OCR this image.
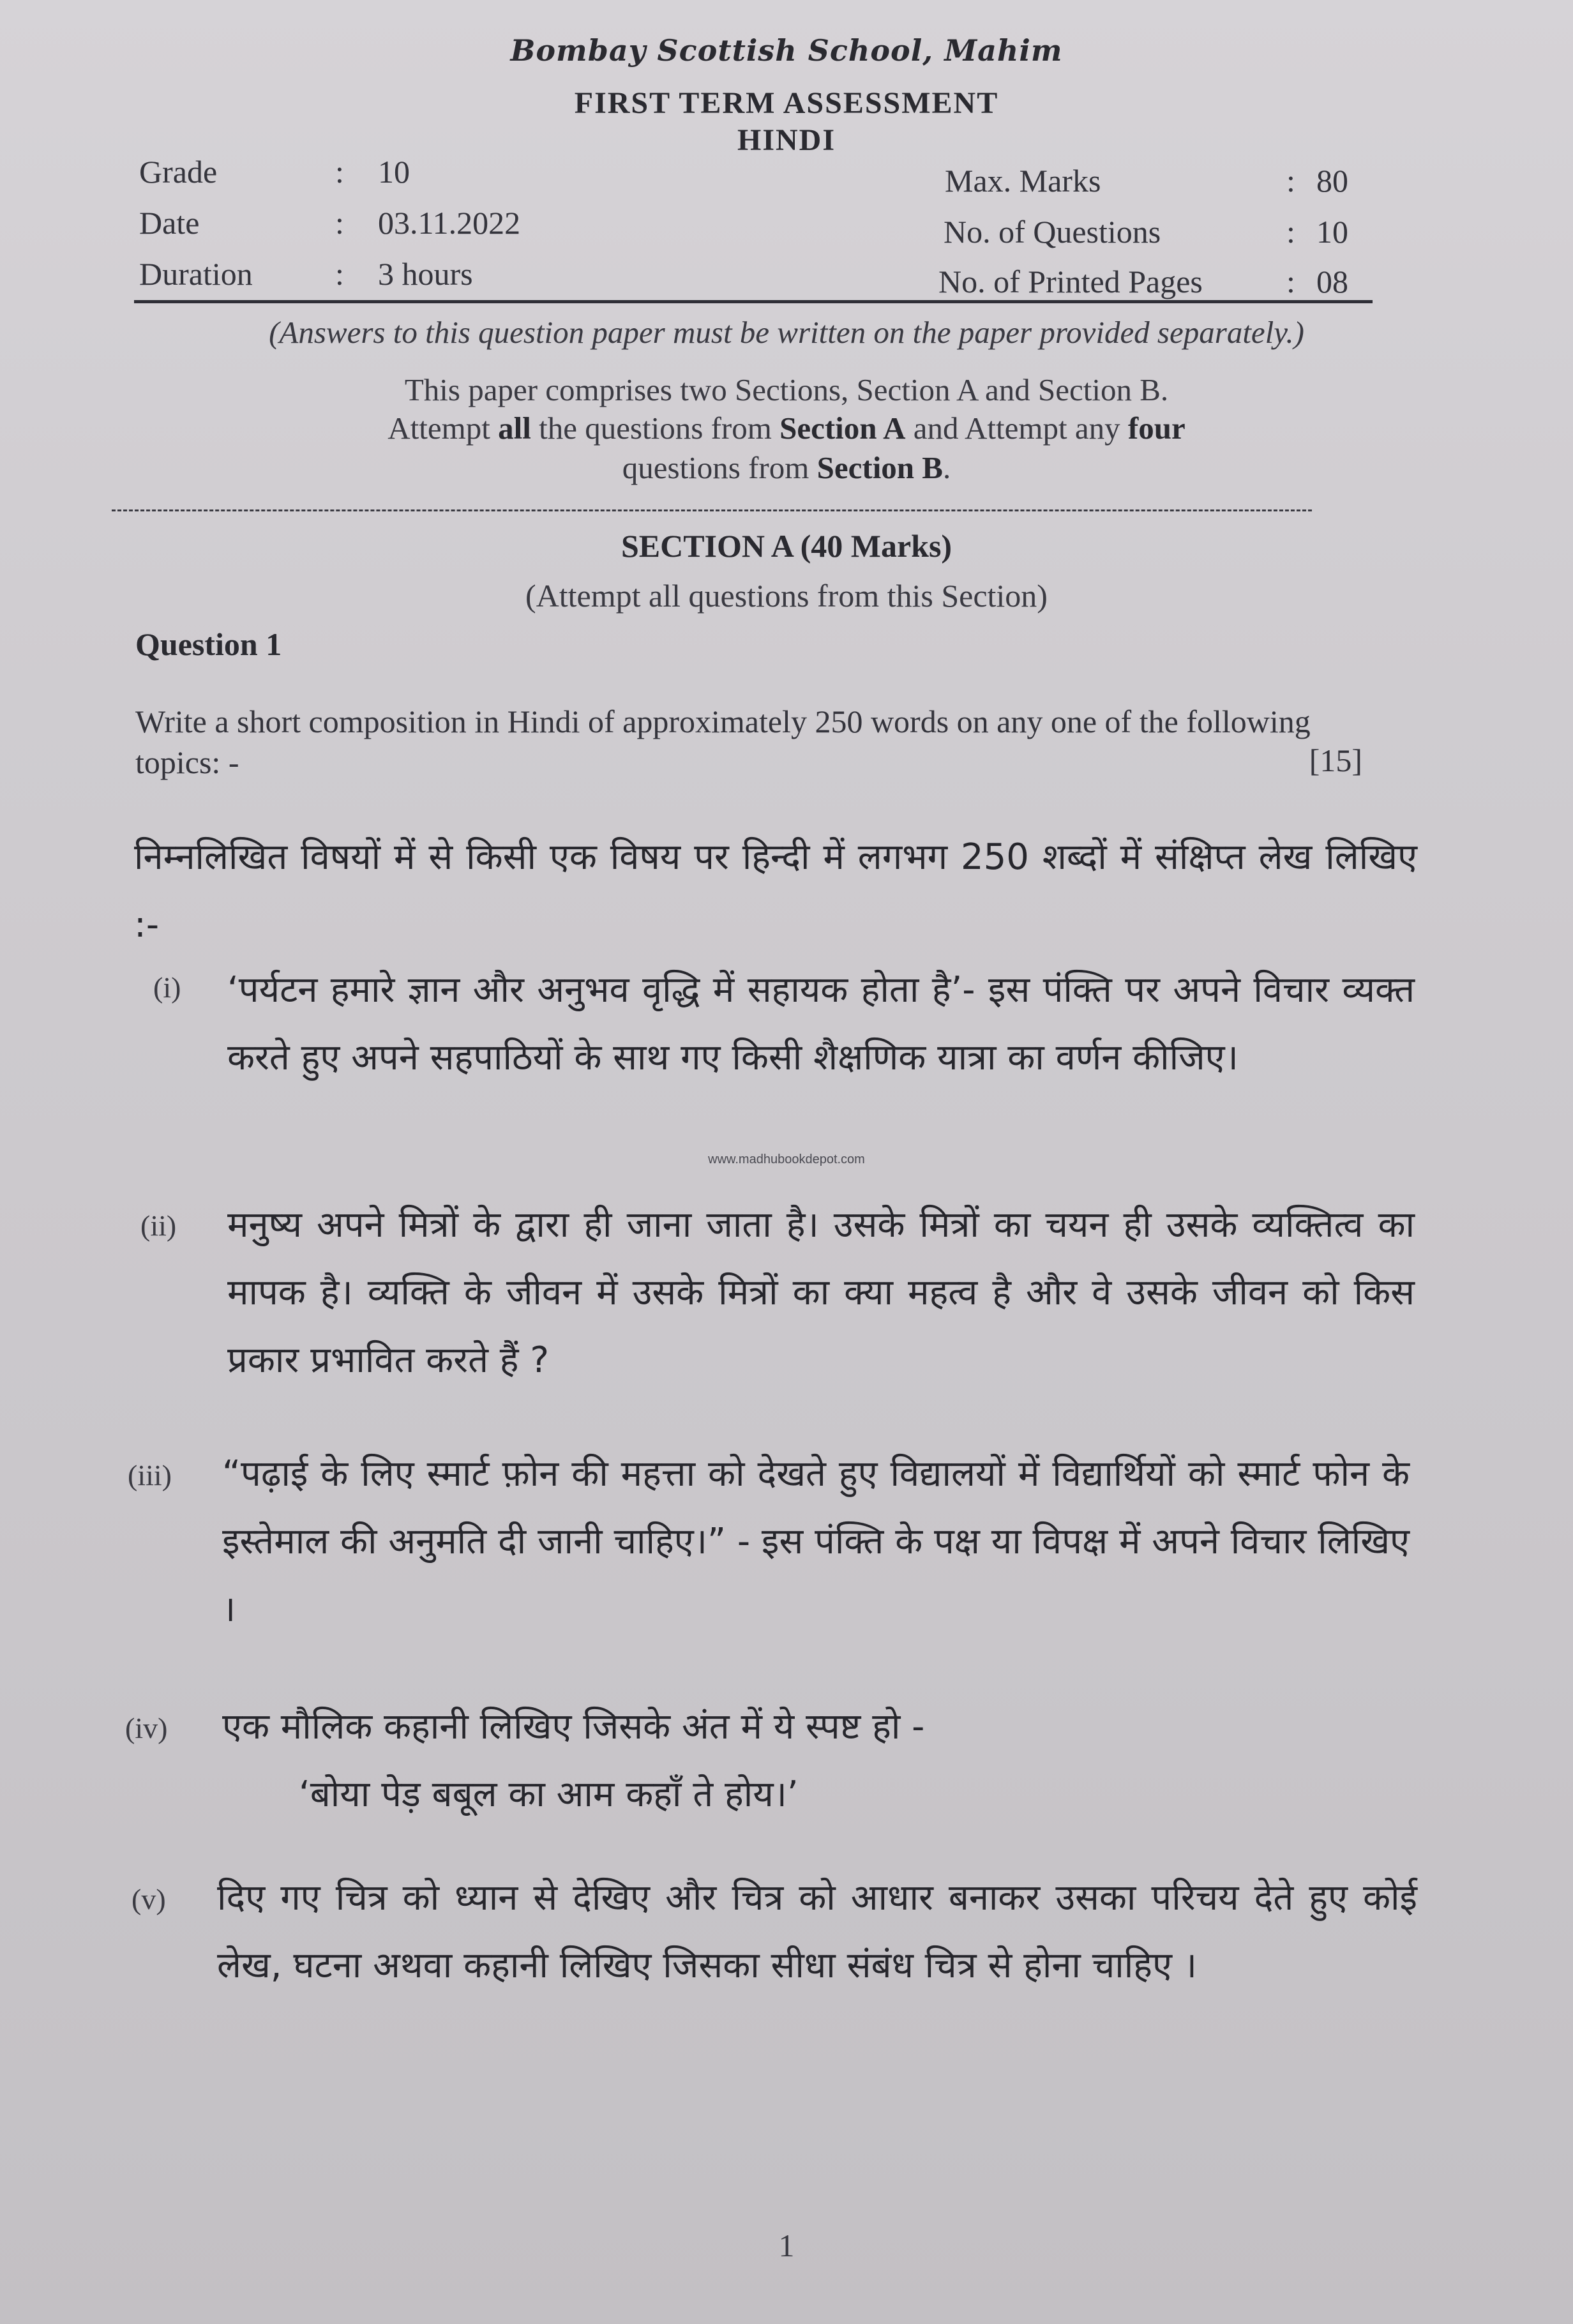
Bombay Scottish School, Mahim
FIRST TERM ASSESSMENT
HINDI
Grade	: 10
Date	: 03.11.2022
Duration	: 3 hours
Max. Marks	: 80
No. of Questions	: 10
No. of Printed Pages	: 08
(Answers to this question paper must be written on the paper provided separately.)
This paper comprises two Sections, Section A and Section B.
Attempt all the questions from Section A and Attempt any four
questions from Section B.
SECTION A (40 Marks)
(Attempt all questions from this Section)
Question 1
Write a short composition in Hindi of approximately 250 words on any one of the following topics: -	[15]
निम्नलिखित विषयों में से किसी एक विषय पर हिन्दी में लगभग 250 शब्दों में संक्षिप्त लेख लिखिए :-
(i) ‘पर्यटन हमारे ज्ञान और अनुभव वृद्धि में सहायक होता है’- इस पंक्ति पर अपने विचार व्यक्त करते हुए अपने सहपाठियों के साथ गए किसी शैक्षणिक यात्रा का वर्णन कीजिए।
www.madhubookdepot.com
(ii) मनुष्य अपने मित्रों के द्वारा ही जाना जाता है। उसके मित्रों का चयन ही उसके व्यक्तित्व का मापक है। व्यक्ति के जीवन में उसके मित्रों का क्या महत्व है और वे उसके जीवन को किस प्रकार प्रभावित करते हैं ?
(iii) “पढ़ाई के लिए स्मार्ट फ़ोन की महत्ता को देखते हुए विद्यालयों में विद्यार्थियों को स्मार्ट फोन के इस्तेमाल की अनुमति दी जानी चाहिए।” - इस पंक्ति के पक्ष या विपक्ष में अपने विचार लिखिए ।
(iv) एक मौलिक कहानी लिखिए जिसके अंत में ये स्पष्ट हो -
‘बोया पेड़ बबूल का आम कहाँ ते होय।’
(v) दिए गए चित्र को ध्यान से देखिए और चित्र को आधार बनाकर उसका परिचय देते हुए कोई लेख, घटना अथवा कहानी लिखिए जिसका सीधा संबंध चित्र से होना चाहिए ।
1
